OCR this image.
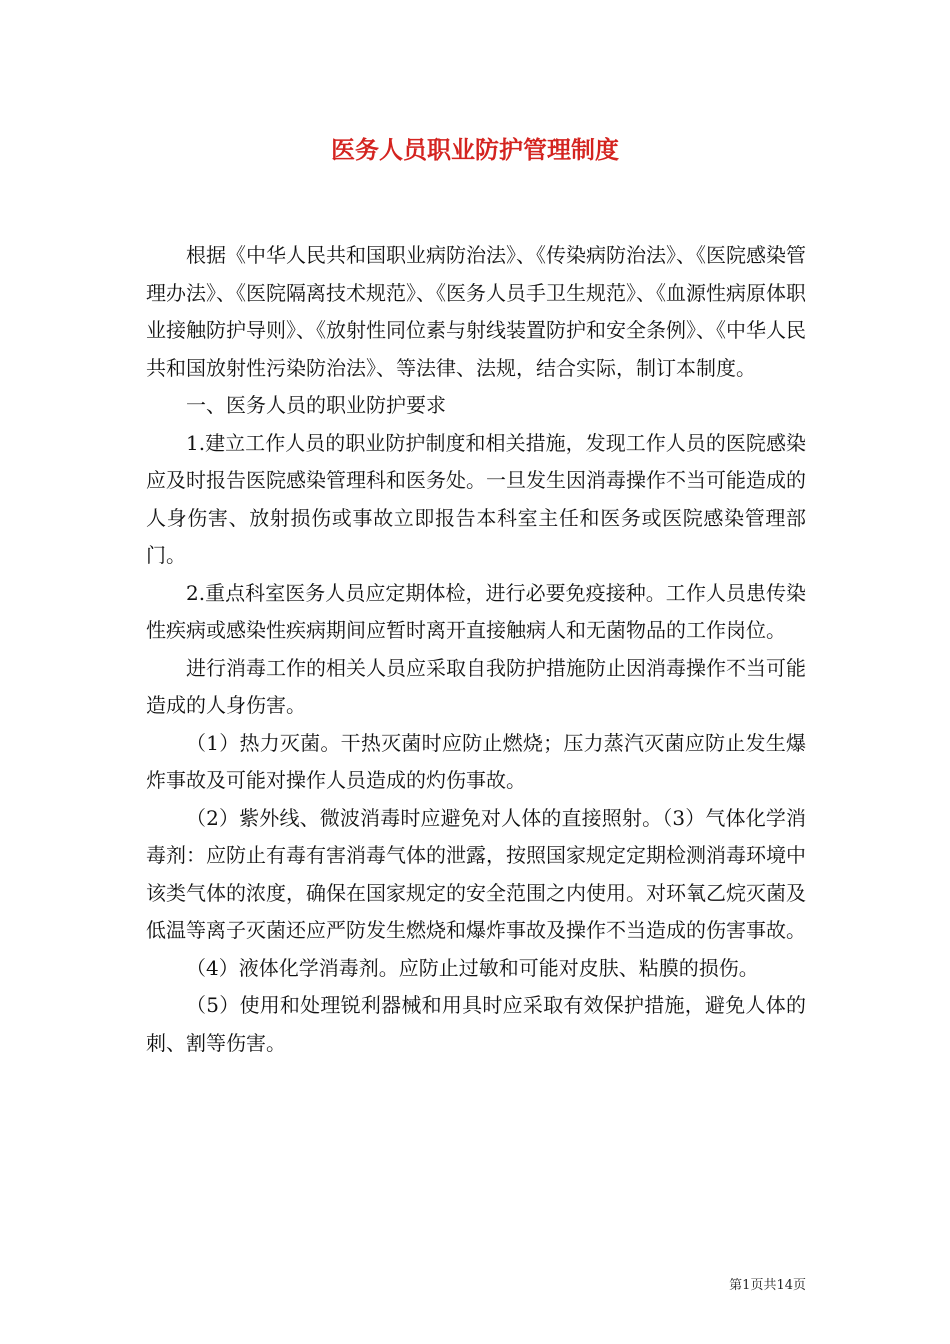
医务人员职业防护管理制度

根据《中华人民共和国职业病防治法》、《传染病防治法》、《医院感染管理办法》、《医院隔离技术规范》、《医务人员手卫生规范》、《血源性病原体职业接触防护导则》、《放射性同位素与射线装置防护和安全条例》、《中华人民共和国放射性污染防治法》、等法律、法规，结合实际，制订本制度。

一、医务人员的职业防护要求

1.建立工作人员的职业防护制度和相关措施，发现工作人员的医院感染应及时报告医院感染管理科和医务处。一旦发生因消毒操作不当可能造成的人身伤害、放射损伤或事故立即报告本科室主任和医务或医院感染管理部门。

2.重点科室医务人员应定期体检，进行必要免疫接种。工作人员患传染性疾病或感染性疾病期间应暂时离开直接触病人和无菌物品的工作岗位。

进行消毒工作的相关人员应采取自我防护措施防止因消毒操作不当可能造成的人身伤害。

（1）热力灭菌。干热灭菌时应防止燃烧；压力蒸汽灭菌应防止发生爆炸事故及可能对操作人员造成的灼伤事故。

（2）紫外线、微波消毒时应避免对人体的直接照射。（3）气体化学消毒剂：应防止有毒有害消毒气体的泄露，按照国家规定定期检测消毒环境中该类气体的浓度，确保在国家规定的安全范围之内使用。对环氧乙烷灭菌及低温等离子灭菌还应严防发生燃烧和爆炸事故及操作不当造成的伤害事故。

（4）液体化学消毒剂。应防止过敏和可能对皮肤、粘膜的损伤。

（5）使用和处理锐利器械和用具时应采取有效保护措施，避免人体的刺、割等伤害。

第1页共14页
